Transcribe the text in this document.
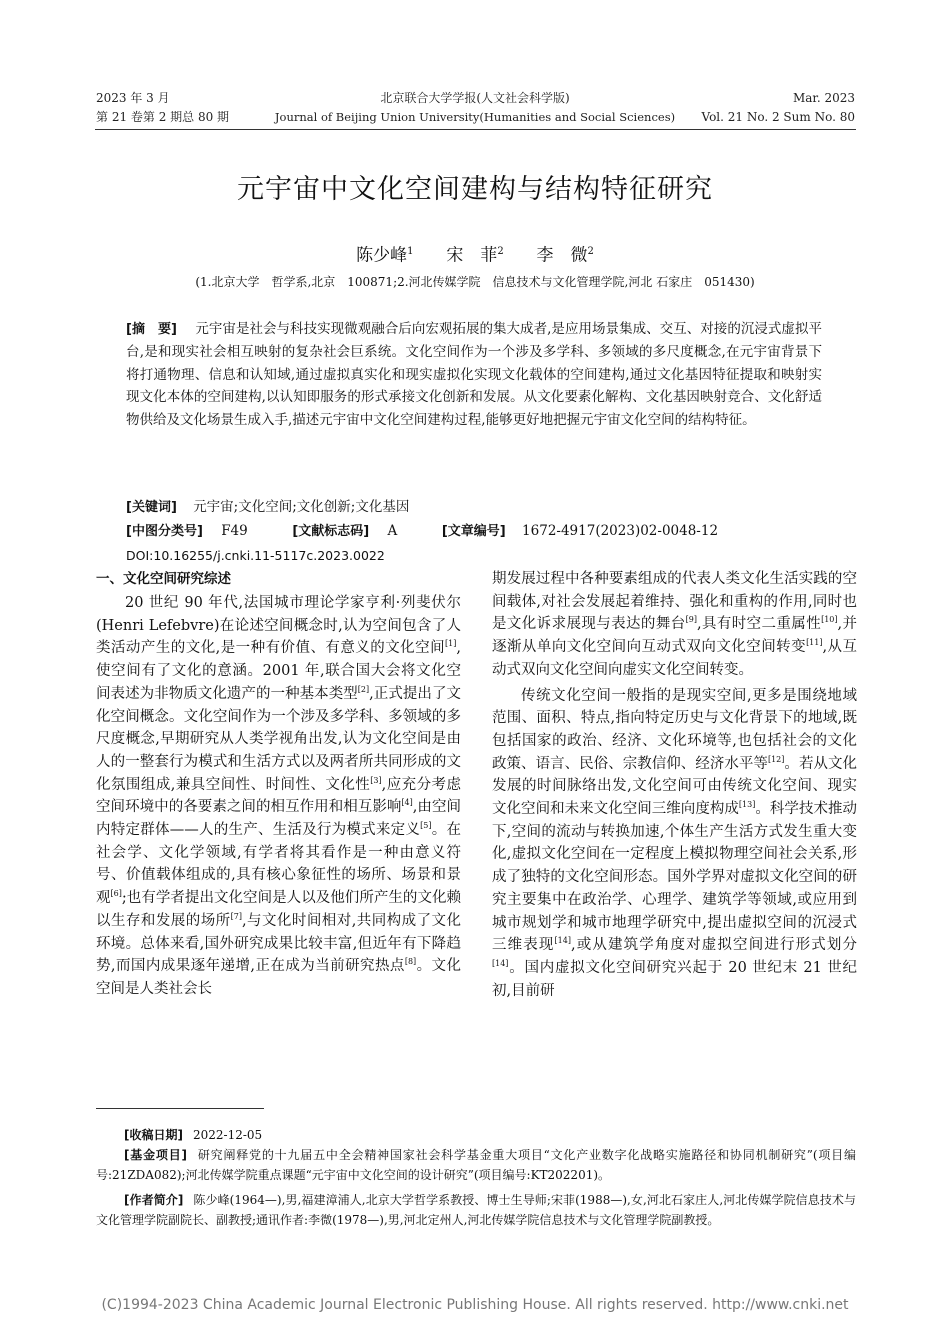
2023 年 3 月	北京联合大学学报(人文社会科学版)	Mar. 2023
第 21 卷第 2 期总 80 期	Journal of Beijing Union University(Humanities and Social Sciences)	Vol. 21 No. 2 Sum No. 80
元宇宙中文化空间建构与结构特征研究
陈少峰$^1$ 宋　菲$^2$ 李　微$^2$
(1.北京大学　哲学系,北京　100871;2.河北传媒学院　信息技术与文化管理学院,河北 石家庄　051430)
[摘　要] 元宇宙是社会与科技实现微观融合后向宏观拓展的集大成者,是应用场景集成、交互、对接的沉浸式虚拟平台,是和现实社会相互映射的复杂社会巨系统。文化空间作为一个涉及多学科、多领域的多尺度概念,在元宇宙背景下将打通物理、信息和认知域,通过虚拟真实化和现实虚拟化实现文化载体的空间建构,通过文化基因特征提取和映射实现文化本体的空间建构,以认知即服务的形式承接文化创新和发展。从文化要素化解构、文化基因映射竞合、文化舒适物供给及文化场景生成入手,描述元宇宙中文化空间建构过程,能够更好地把握元宇宙文化空间的结构特征。
[关键词] 元宇宙;文化空间;文化创新;文化基因
[中图分类号] F49	[文献标志码] A	[文章编号] 1672-4917(2023)02-0048-12
DOI:10.16255/j.cnki.11-5117c.2023.0022
一、文化空间研究综述

20 世纪 90 年代,法国城市理论学家亨利·列斐伏尔(Henri Lefebvre)在论述空间概念时,认为空间包含了人类活动产生的文化,是一种有价值、有意义的文化空间[1],使空间有了文化的意涵。2001 年,联合国大会将文化空间表述为非物质文化遗产的一种基本类型[2],正式提出了文化空间概念。文化空间作为一个涉及多学科、多领域的多尺度概念,早期研究从人类学视角出发,认为文化空间是由人的一整套行为模式和生活方式以及两者所共同形成的文化氛围组成,兼具空间性、时间性、文化性[3],应充分考虑空间环境中的各要素之间的相互作用和相互影响[4],由空间内特定群体——人的生产、生活及行为模式来定义[5]。在社会学、文化学领域,有学者将其看作是一种由意义符号、价值载体组成的,具有核心象征性的场所、场景和景观[6];也有学者提出文化空间是人以及他们所产生的文化赖以生存和发展的场所[7],与文化时间相对,共同构成了文化环境。总体来看,国外研究成果比较丰富,但近年有下降趋势,而国内成果逐年递增,正在成为当前研究热点[8]。文化空间是人类社会长

期发展过程中各种要素组成的代表人类文化生活实践的空间载体,对社会发展起着维持、强化和重构的作用,同时也是文化诉求展现与表达的舞台[9],具有时空二重属性[10],并逐渐从单向文化空间向互动式双向文化空间转变[11],从互动式双向文化空间向虚实文化空间转变。

传统文化空间一般指的是现实空间,更多是围绕地域范围、面积、特点,指向特定历史与文化背景下的地域,既包括国家的政治、经济、文化环境等,也包括社会的文化政策、语言、民俗、宗教信仰、经济水平等[12]。若从文化发展的时间脉络出发,文化空间可由传统文化空间、现实文化空间和未来文化空间三维向度构成[13]。科学技术推动下,空间的流动与转换加速,个体生产生活方式发生重大变化,虚拟文化空间在一定程度上模拟物理空间社会关系,形成了独特的文化空间形态。国外学界对虚拟文化空间的研究主要集中在政治学、心理学、建筑学等领域,或应用到城市规划学和城市地理学研究中,提出虚拟空间的沉浸式三维表现[14],或从建筑学角度对虚拟空间进行形式划分[14]。国内虚拟文化空间研究兴起于 20 世纪末 21 世纪初,目前研

[收稿日期] 2022-12-05
[基金项目] 研究阐释党的十九届五中全会精神国家社会科学基金重大项目“文化产业数字化战略实施路径和协同机制研究”(项目编号:21ZDA082);河北传媒学院重点课题“元宇宙中文化空间的设计研究”(项目编号:KT202201)。
[作者简介] 陈少峰(1964—),男,福建漳浦人,北京大学哲学系教授、博士生导师;宋菲(1988—),女,河北石家庄人,河北传媒学院信息技术与文化管理学院副院长、副教授;通讯作者:李微(1978—),男,河北定州人,河北传媒学院信息技术与文化管理学院副教授。
(C)1994-2023 China Academic Journal Electronic Publishing House. All rights reserved. http://www.cnki.net
